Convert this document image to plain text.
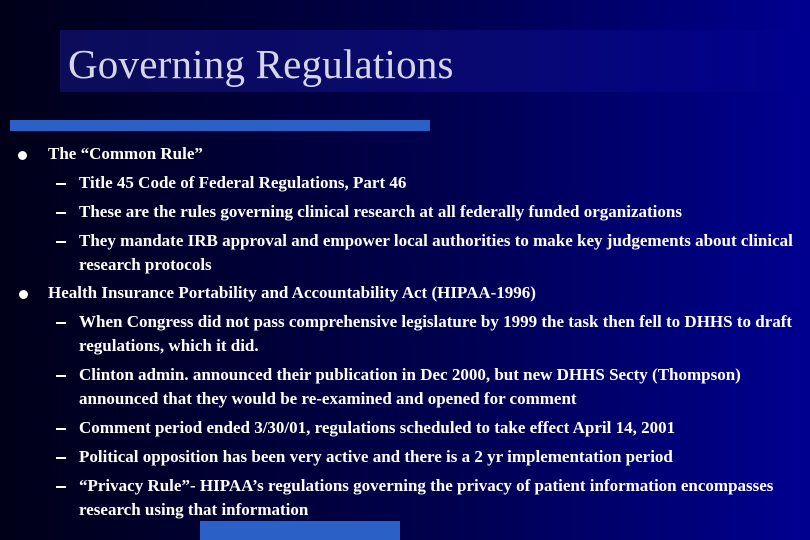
Governing Regulations
The “Common Rule”
Title 45 Code of Federal Regulations, Part 46
These are the rules governing clinical research at all federally funded organizations
They mandate IRB approval and empower local authorities to make key judgements about clinical research protocols
Health Insurance Portability and Accountability Act (HIPAA-1996)
When Congress did not pass comprehensive legislature by 1999 the task then fell to DHHS to draft regulations, which it did.
Clinton admin. announced their publication in Dec 2000, but new DHHS Secty (Thompson) announced that they would be re-examined and opened for comment
Comment period ended 3/30/01, regulations scheduled to take effect April 14, 2001
Political opposition has been very active and there is a 2 yr implementation period
“Privacy Rule”- HIPAA’s regulations governing the privacy of patient information encompasses research using that information
